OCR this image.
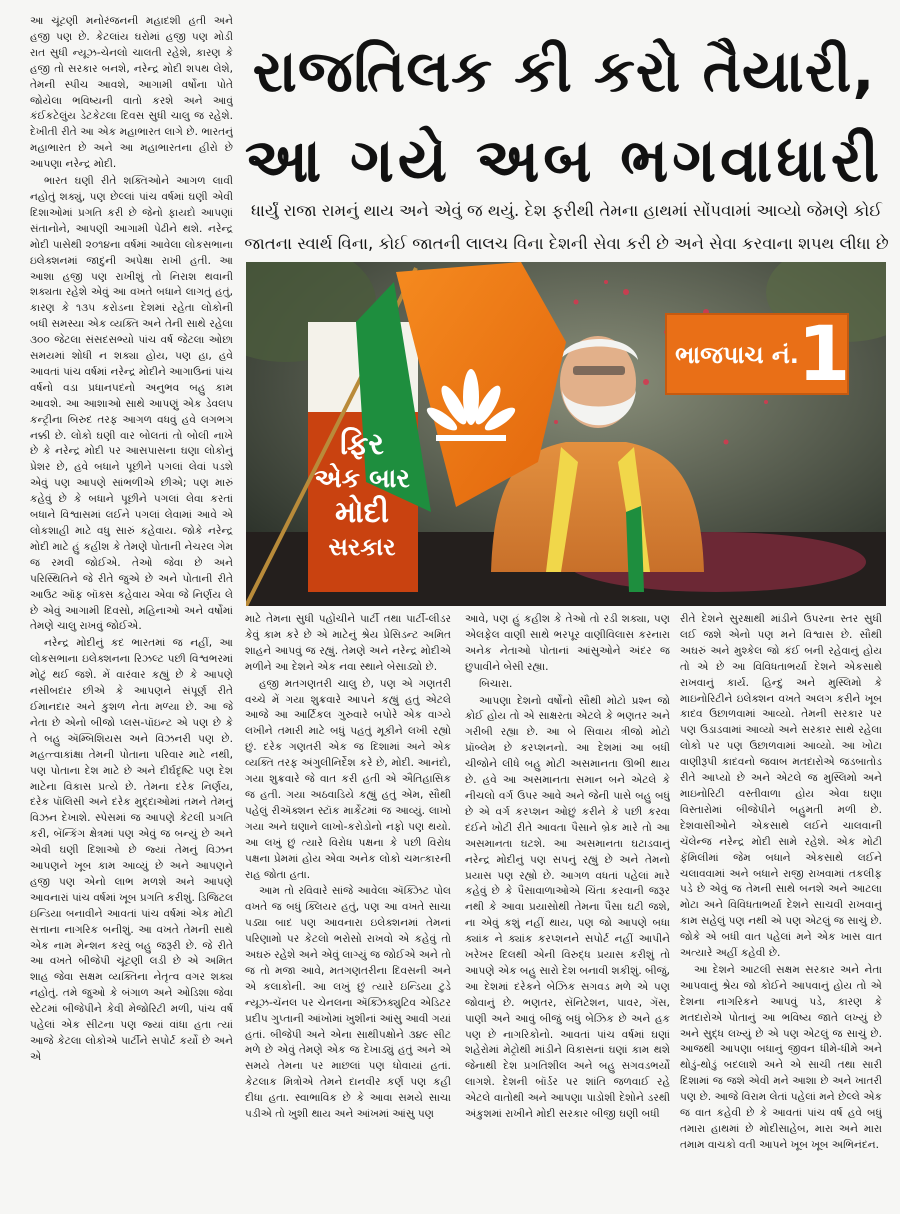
આ ચૂંટણી મનોરંજનની મહાદશી હતી અને હજી પણ છે. કેટલાંય ઘરોમાં હજી પણ મોડી રાત સુધી ન્યૂઝ-ચેનલો ચાલતી રહેશે, કારણ કે હજી તો સરકાર બનશે, નરેન્દ્ર મોદી શપથ લેશે, તેમની સ્પીચ આવશે, આગામી વર્ષોના પોતે જોયેલા ભવિષ્યની વાતો કરશે અને આવું કંઈકટેલુંય ડેટકેટલા દિવસ સુધી ચાલુ જ રહેશે. દેખીતી રીતે આ એક મહાભારત લાગે છે. ભારતનું મહાભારત છે અને આ મહાભારતના હીરો છે આપણા નરેન્દ્ર મોદી.

ભારત ઘણી રીતે શક્તિઓને આગળ લાવી નહોતું શક્યું, પણ છેલ્લાં પાંચ વર્ષમાં ઘણી એવી દિશાઓમાં પ્રગતિ કરી છે જેનો ફાયદો આપણાં સંતાનોને, આપણી આગામી પેઢીને થશે. નરેન્દ્ર મોદી પાસેથી ૨૦૧૪ના વર્ષમાં આવેલા લોકસભાના ઇલેક્શનમાં જાદુની અપેક્ષા રાખી હતી. આ આશા હજી પણ રાખીશું તો નિરાશ થવાની શક્યતા રહેશે એવું આ વખતે બધાને લાગતું હતું, કારણ કે ૧૩૫ કરોડના દેશમાં રહેતા લોકોની બધી સમસ્યા એક વ્યક્તિ અને તેની સાથે રહેલા ૩૦૦ જેટલા સંસદસભ્યો પાંચ વર્ષ જેટલા ઓછા સમયમાં શોધી ન શક્યા હોય, પણ હા, હવે આવતાં પાંચ વર્ષમાં નરેન્દ્ર મોદીને આગાઉનાં પાંચ વર્ષનો વડા પ્રધાનપદનો અનુભવ બહુ કામ આવશે. આ આશાઓ સાથે આપણું એક ડેવલપ કન્ટ્રીના બિરુદ તરફ આગળ વધવું હવે લગભગ નક્કી છે. લોકો ઘણી વાર બોલતાં તો બોલી નાખે છે કે નરેન્દ્ર મોદી પર આસપાસના ઘણા લોકોનું પ્રેશર છે, હવે બધાને પૂછીને પગલાં લેવાં પડશે એવું પણ આપણે સાંભળીએ છીએ; પણ મારું કહેવું છે કે બધાને પૂછીને પગલાં લેવા કરતાં બધાને વિશ્વાસમાં લઈને પગલાં લેવામાં આવે એ લોકશાહી માટે વધુ સારું કહેવાય. જોકે નરેન્દ્ર મોદી માટે હું કહીશ કે તેમણે પોતાની નેચરલ ગેમ જ રમવી જોઈએ. તેઓ જેવા છે અને પરિસ્થિતિને જે રીતે જુએ છે અને પોતાની રીતે આઉટ ઑફ બૉક્સ કહેવાય એવા જે નિર્ણય લે છે એવું આગામી દિવસો, મહિનાઓ અને વર્ષોમાં તેમણે ચાલુ રાખવું જોઈએ.

નરેન્દ્ર મોદીનું કદ ભારતમાં જ નહીં, આ લોકસભાના ઇલેક્શનના રિઝલ્ટ પછી વિશ્વભરમાં મોટું થઈ જશે. મેં વારંવાર કહ્યું છે કે આપણે નસીબદાર છીએ કે આપણને સંપૂર્ણ રીતે ઈમાનદાર અને કુશળ નેતા મળ્યા છે. આ જે નેતા છે એનો બીજો પ્લસ-પૉઇન્ટ એ પણ છે કે તે બહુ ઍમ્બિશિયસ અને વિઝનરી પણ છે. મહત્ત્વાકાંક્ષા તેમની પોતાના પરિવાર માટે નથી, પણ પોતાના દેશ માટે છે અને દીર્ઘદૃષ્ટિ પણ દેશ માટેના વિકાસ પ્રત્યે છે. તેમના દરેક નિર્ણય, દરેક પૉલિસી અને દરેક મુદ્દાઓમાં તમને તેમનું વિઝન દેખાશે. સ્પેસમાં જ આપણે કેટલી પ્રગતિ કરી, બૅન્કિંગ ક્ષેત્રમાં પણ એવું જ બન્યું છે અને એવી ઘણી દિશાઓ છે જ્યાં તેમનું વિઝન આપણને ખૂબ કામ આવ્યું છે અને આપણને હજી પણ એનો લાભ મળશે અને આપણે આવનારાં પાંચ વર્ષમાં ખૂબ પ્રગતિ કરીશું. ડિજિટલ ઇન્ડિયા બનાવીને આવતાં પાંચ વર્ષમાં એક મોટી સત્તાના નાગરિક બનીશું. આ વખતે તેમની સાથે એક નામ મેન્શન કરવું બહુ જરૂરી છે. જે રીતે આ વખતે બીજેપી ચૂંટણી લડી છે એ અમિત શાહ જેવા સક્ષમ વ્યક્તિના નેતૃત્વ વગર શક્ય નહોતું. તમે જુઓ કે બંગાળ અને ઓડિશા જેવા સ્ટેટમાં બીજેપીને કેવી મેજોરિટી મળી, પાંચ વર્ષ પહેલાં એક સીટના પણ જ્યાં વાંધા હતા ત્યાં આજે કેટલા લોકોએ પાર્ટીને સપોર્ટ કર્યો છે અને એ

રાજતિલક કી કરો તૈયારી,
આ ગયે અબ ભગવાધારી
ધાર્યું રાજા રામનું થાય અને એવું જ થયું. દેશ ફરીથી તેમના હાથમાં સોંપવામાં આવ્યો જેમણે કોઈ
જાતના સ્વાર્થ વિના, કોઈ જાતની લાલચ વિના દેશની સેવા કરી છે અને સેવા કરવાના શપથ લીધા છે
ફિર
એક બાર
મોદી
સરકાર
ભાજપાચ નં.
1

માટે તેમના સુધી પહોંચીને પાર્ટી તથા પાર્ટી-લીડર કેવું કામ કરે છે એ માટેનું શ્રેય પ્રેસિડન્ટ અમિત શાહને આપવું જ રહ્યું. તેમણે અને નરેન્દ્ર મોદીએ મળીને આ દેશને એક નવા સ્થાને બેસાડ્યો છે.

હજી મતગણતરી ચાલુ છે, પણ એ ગણતરી વચ્ચે મેં ગયા શુક્રવારે આપને કહ્યું હતું એટલે આજે આ આર્ટિકલ ગુરુવારે બપોરે એક વાગ્યે લખીને તમારી માટે બધું પહતું મૂકીને લખી રહ્યો છું. દરેક ગણતરી એક જ દિશામાં અને એક વ્યક્તિ તરફ અંગુલીનિર્દેશ કરે છે, મોદી. આનંદો, ગયા શુક્રવારે જે વાત કરી હતી એ ઐતિહાસિક જ હતી. ગયા અઠવાડિયે કહ્યું હતું એમ, સૌથી પહેલું રીઍક્શન સ્ટૉક માર્કેટમાં જ આવ્યું. લાખો ગયા અને ઘણાને લાખો-કરોડોનો નફો પણ થયો. આ લખું છું ત્યારે વિરોધ પક્ષના કે પછી વિરોધ પક્ષના પ્રેમમાં હોય એવા અનેક લોકો ચમત્કારની રાહ જોતા હતા.

આમ તો રવિવારે સાંજે આવેલા ઍક્ઝિટ પોલ વખતે જ બધું ક્લિયર હતું, પણ આ વખતે સાચા પડ્યા બાદ પણ આવનારા ઇલેક્શનમાં તેમનાં પરિણામો પર કેટલો ભરોસો રાખવો એ કહેવું તો અઘરું રહેશે અને એવું લાગ્યું જ જોઈએ અને તો જ તો મજા આવે, મતગણતરીના દિવસની અને એ કલાકોની. આ લખું છું ત્યારે ઇન્ડિયા ટુડે ન્યૂઝ-ચૅનલ પર ચેનલના ઍક્ઝિક્યુટિવ એડિટર પ્રદીપ ગુપ્તાની આંખોમાં ખુશીનાં આંસુ આવી ગયાં હતાં. બીજેપી અને એના સાથીપક્ષોને ૩૪૯ સીટ મળે છે એવું તેમણે એક જ દેખાડ્યું હતું અને એ સમયે તેમના પર માછલાં પણ ધોવાયાં હતાં. કેટલાક મિત્રોએ તેમને દાનવીર કર્ણ પણ કહી દીધા હતા. સ્વાભાવિક છે કે આવા સમયે સાચા પડીએ તો ખુશી થાય અને આંખમાં આંસુ પણ

આવે, પણ હું કહીશ કે તેઓ તો રડી શક્યા, પણ એલફેલ વાણી સાથે ભરપૂર વાણીવિલાસ કરનારા અનેક નેતાઓ પોતાનાં આંસુઓને અંદર જ છુપાવીને બેસી રહ્યા.

બિચારા.

આપણા દેશનો વર્ષોનો સૌથી મોટો પ્રશ્ન જો કોઈ હોય તો એ સાક્ષરતા એટલે કે ભણતર અને ગરીબી રહ્યા છે. આ બે સિવાય ત્રીજો મોટો પ્રૉબ્લેમ છે કરપ્શનનો. આ દેશમાં આ બધી ચીજોને લીધે બહુ મોટી અસમાનતા ઊભી થાય છે. હવે આ અસમાનતા સમાન બને એટલે કે નીચલો વર્ગ ઉપર આવે અને જેની પાસે બહુ બધું છે એ વર્ગ કરપ્શન ઓછું કરીને કે પછી કરવા દઈને ખોટી રીતે આવતા પૈસાને બ્રેક મારે તો આ અસમાનતા ઘટશે. આ અસમાનતા ઘટાડવાનું નરેન્દ્ર મોદીનું પણ સપનું રહ્યું છે અને તેમનો પ્રયાસ પણ રહ્યો છે. આગળ વધતાં પહેલાં મારે કહેવું છે કે પૈસાવાળાઓએ ચિંતા કરવાની જરૂર નથી કે આવા પ્રયાસોથી તેમના પૈસા ઘટી જશે, ના એવું કશું નહીં થાય, પણ જો આપણે બધા ક્યાંક ને ક્યાંક કરપ્શનને સપોર્ટ નહીં આપીને ખરેખર દિલથી એની વિરુદ્ધ પ્રયાસ કરીશું તો આપણે એક બહુ સારો દેશ બનાવી શકીશું. બીજું, આ દેશમાં દરેકને બેઝિક સગવડ મળે એ પણ જોવાનું છે. ભણતર, સૅનિટેશન, પાવર, ગૅસ, પાણી અને આવું બીજું બધું બેઝિક છે અને હક પણ છે નાગરિકોનો. આવતાં પાંચ વર્ષમાં ઘણાં શહેરોમાં મેટ્રોથી માંડીને વિકાસનાં ઘણાં કામ થશે જેનાથી દેશ પ્રગતિશીલ અને બહુ સગવડભર્યો લાગશે. દેશની બૉર્ડર પર શાંતિ જળવાઈ રહે એટલે વાતોથી અને આપણા પાડોશી દેશોને ડરથી અંકુશમાં રાખીને મોદી સરકાર બીજી ઘણી બધી

રીતે દેશને સુરક્ષાથી માંડીને ઉપરના સ્તર સુધી લઈ જશે એનો પણ મને વિશ્વાસ છે. સૌથી અઘરું અને મુશ્કેલ જો કંઈ બની રહેવાનું હોય તો એ છે આ વિવિધતાભર્યા દેશને એકસાથે રાખવાનું કાર્ય. હિન્દુ અને મુસ્લિમો કે માઇનોરિટીને ઇલેક્શન વખતે અલગ કરીને ખૂબ કાદવ ઉછાળવામાં આવ્યો. તેમની સરકાર પર પણ ઉડાડવામાં આવ્યો અને સરકાર સાથે રહેલા લોકો પર પણ ઉછાળવામાં આવ્યો. આ ખોટા વાણીરૂપી કાદવનો જવાબ મતદારોએ જડબાતોડ રીતે આપ્યો છે અને એટલે જ મુસ્લિમો અને માઇનોરિટી વસ્તીવાળા હોય એવા ઘણા વિસ્તારોમાં બીજેપીને બહુમતી મળી છે. દેશવાસીઓને એકસાથે લઈને ચાલવાની ચૅલેન્જ નરેન્દ્ર મોદી સામે રહેશે. એક મોટી ફૅમિલીમાં જેમ બધાને એકસાથે લઈને ચલાવવામાં અને બધાને રાજી રાખવામાં તકલીફ પડે છે એવું જ તેમની સાથે બનશે અને આટલા મોટા અને વિવિધતાભર્યા દેશને સાચવી રાખવાનું કામ સહેલું પણ નથી એ પણ એટલું જ સાચું છે. જોકે એ બધી વાત પહેલાં મને એક ખાસ વાત અત્યારે અહીં કહેવી છે.

આ દેશને આટલી સક્ષમ સરકાર અને નેતા આપવાનું શ્રેય જો કોઈને આપવાનું હોય તો એ દેશના નાગરિકને આપવું પડે, કારણ કે મતદારોએ પોતાનું આ ભવિષ્ય જાતે લખ્યું છે અને સુદ્ધ લખ્યું છે એ પણ એટલું જ સાચું છે. આજથી આપણા બધાનું જીવન ધીમે-ધીમે અને થોડું-થોડું બદલાશે અને એ સાચી તથા સારી દિશામાં જ જશે એવી મને આશા છે અને ખાતરી પણ છે. આજે વિરામ લેતાં પહેલાં મને છેલ્લે એક જ વાત કહેવી છે કે આવતાં પાંચ વર્ષ હવે બધું તમારા હાથમાં છે મોદીસાહેબ, મારા અને મારા તમામ વાચકો વતી આપને ખૂબ ખૂબ અભિનંદન.
